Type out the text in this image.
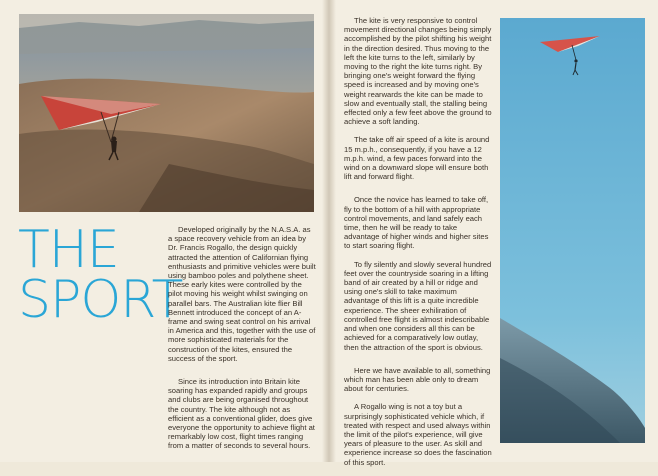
THE
SPORT

Developed originally by the N.A.S.A. as a space recovery vehicle from an idea by Dr. Francis Rogallo, the design quickly attracted the attention of Californian flying enthusiasts and primitive vehicles were built using bamboo poles and polythene sheet. These early kites were controlled by the pilot moving his weight whilst swinging on parallel bars. The Australian kite flier Bill Bennett introduced the concept of an A-frame and swing seat control on his arrival in America and this, together with the use of more sophisticated materials for the construction of the kites, ensured the success of the sport.

Since its introduction into Britain kite soaring has expanded rapidly and groups and clubs are being organised throughout the country. The kite although not as efficient as a conventional glider, does give everyone the opportunity to achieve flight at remarkably low cost, flight times ranging from a matter of seconds to several hours.

The kite is very responsive to control movement directional changes being simply accomplished by the pilot shifting his weight in the direction desired. Thus moving to the left the kite turns to the left, similarly by moving to the right the kite turns right. By bringing one's weight forward the flying speed is increased and by moving one's weight rearwards the kite can be made to slow and eventually stall, the stalling being effected only a few feet above the ground to achieve a soft landing.

The take off air speed of a kite is around 15 m.p.h., consequently, if you have a 12 m.p.h. wind, a few paces forward into the wind on a downward slope will ensure both lift and forward flight.

Once the novice has learned to take off, fly to the bottom of a hill with appropriate control movements, and land safely each time, then he will be ready to take advantage of higher winds and higher sites to start soaring flight.

To fly silently and slowly several hundred feet over the countryside soaring in a lifting band of air created by a hill or ridge and using one's skill to take maximum advantage of this lift is a quite incredible experience. The sheer exhiliration of controlled free flight is almost indescribable and when one considers all this can be achieved for a comparatively low outlay, then the attraction of the sport is obvious.

Here we have available to all, something which man has been able only to dream about for centuries.

A Rogallo wing is not a toy but a surprisingly sophisticated vehicle which, if treated with respect and used always within the limit of the pilot's experience, will give years of pleasure to the user. As skill and experience increase so does the fascination of this sport.
